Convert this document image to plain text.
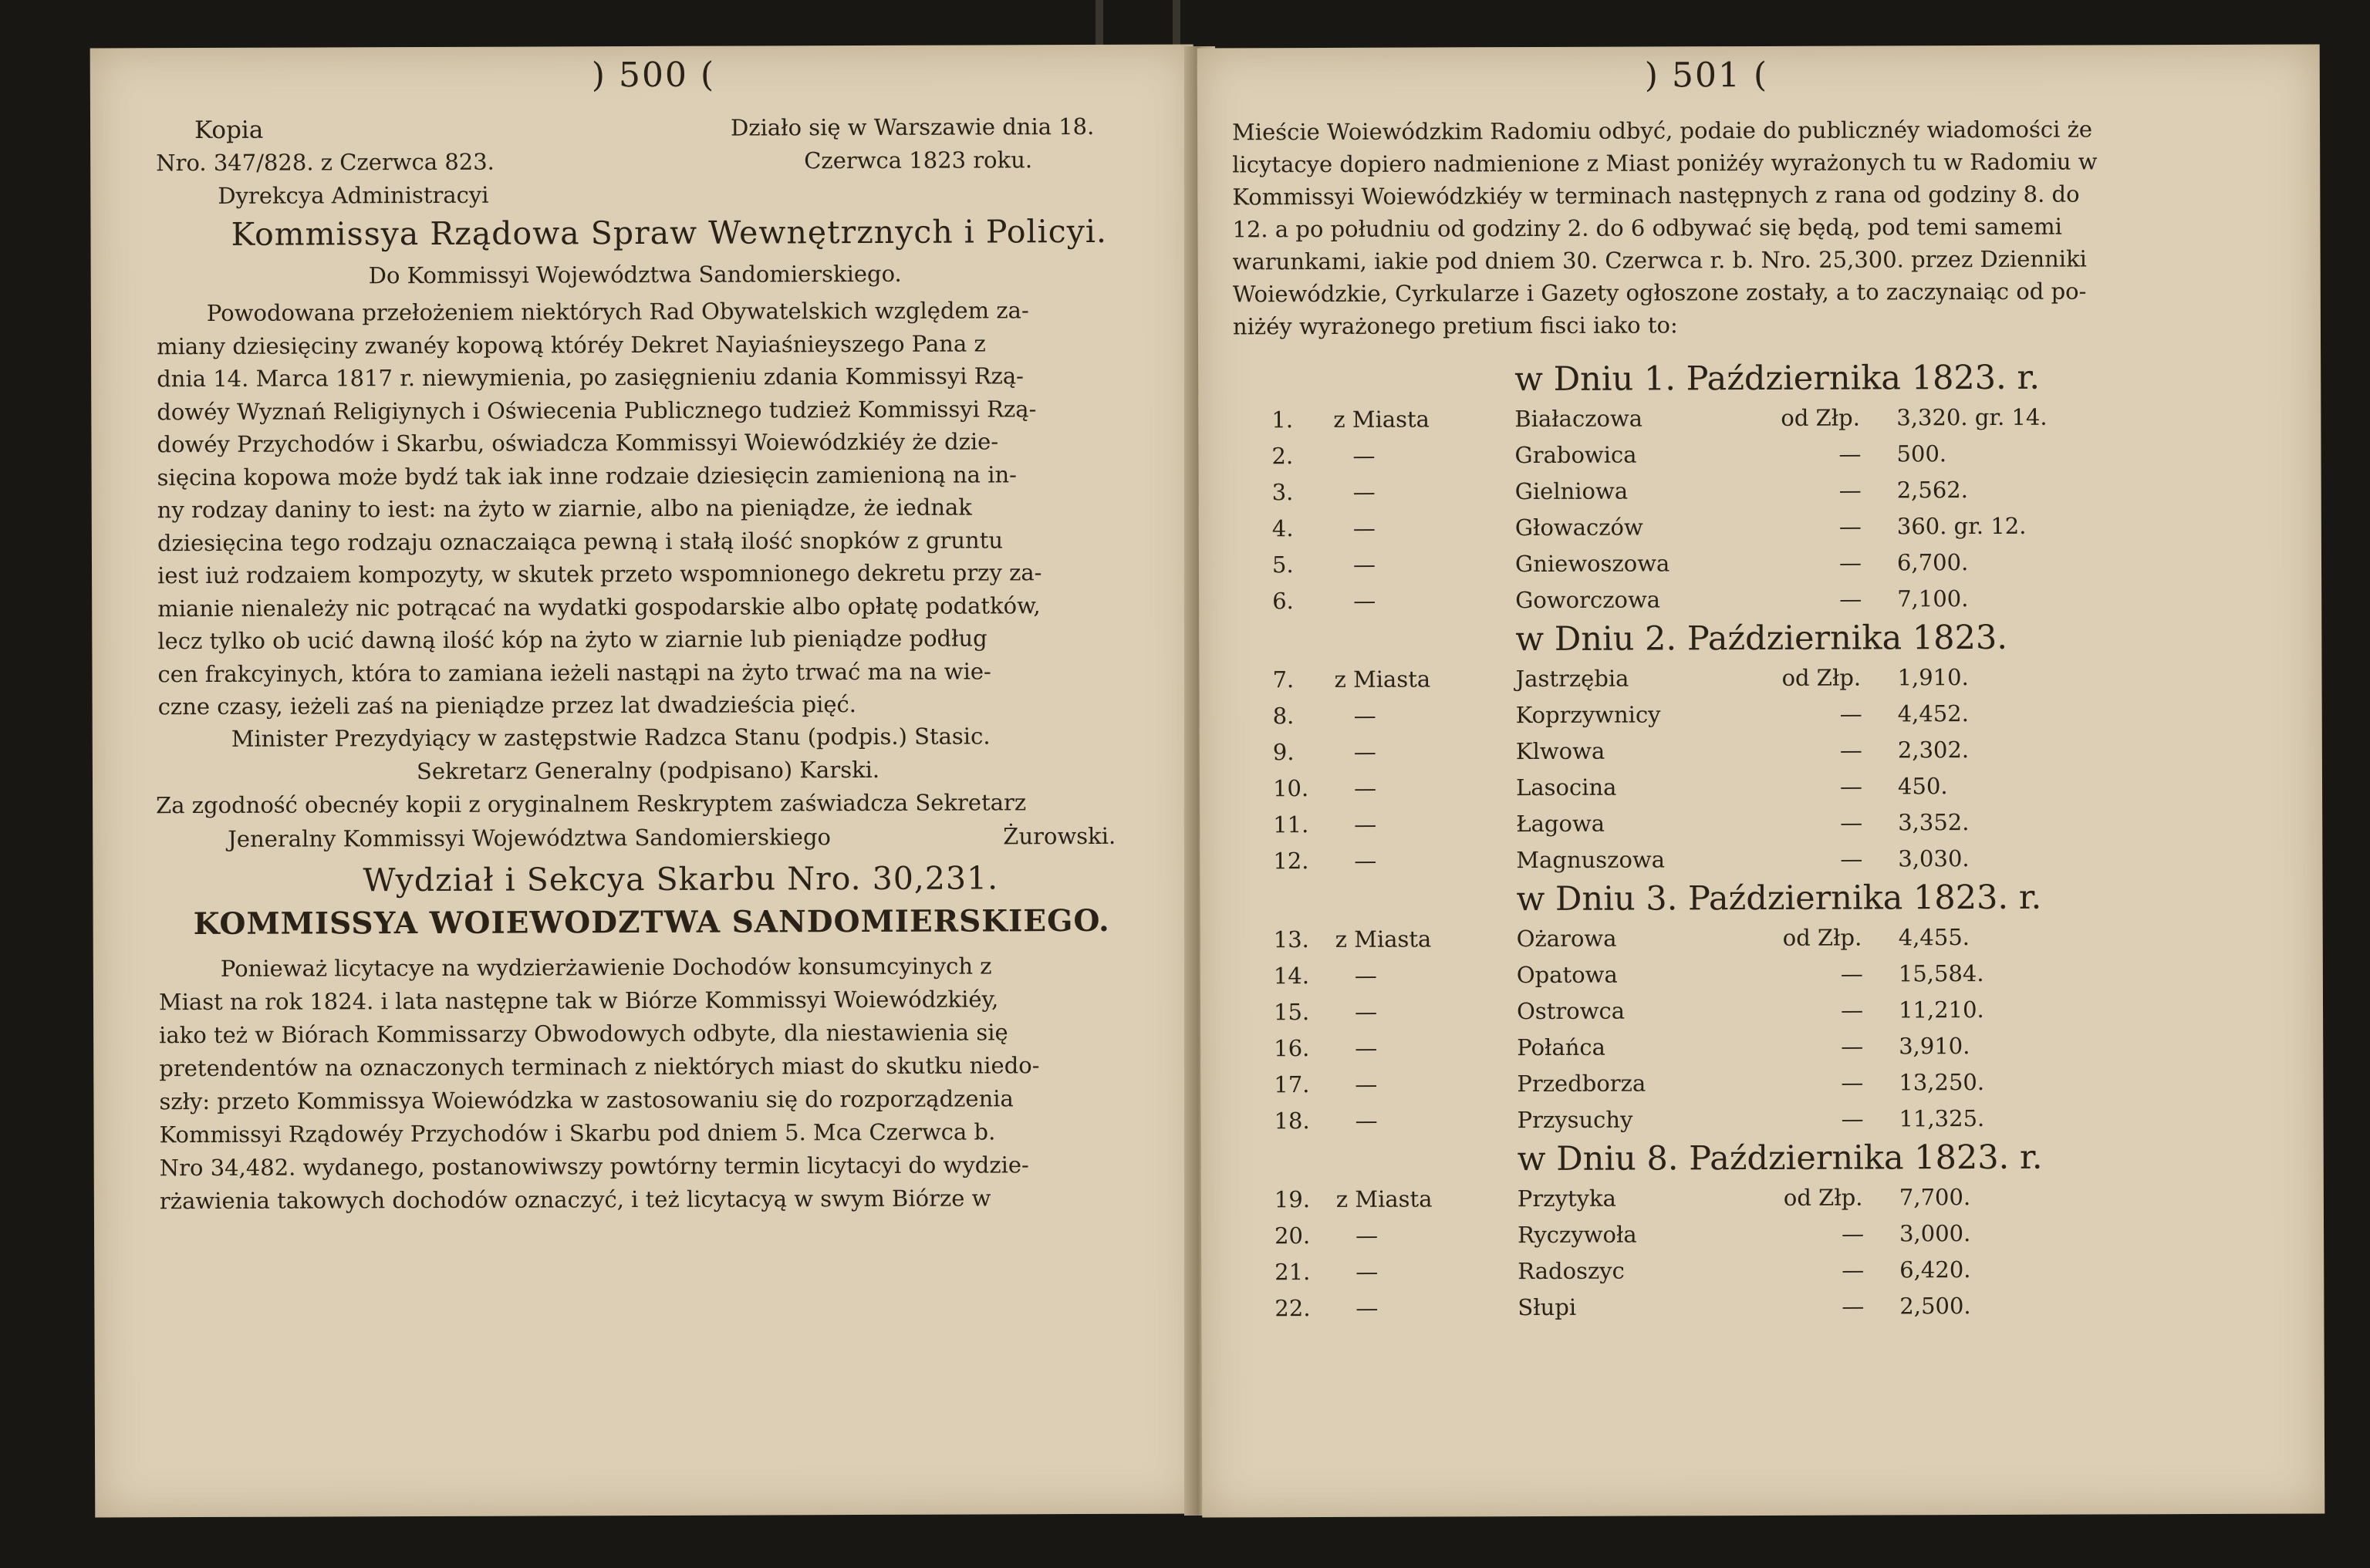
) 500 (
Kopia
Nro. 347/828. z Czerwca 823.
Dyrekcya Administracyi
Działo się w Warszawie dnia 18.
Czerwca 1823 roku.
Kommissya Rządowa Spraw Wewnętrznych i Policyi.
Do Kommissyi Województwa Sandomierskiego.
Powodowana przełożeniem niektórych Rad Obywatelskich względem za-
miany dziesięciny zwanéy kopową któréy Dekret Nayiaśnieyszego Pana z
dnia 14. Marca 1817 r. niewymienia, po zasięgnieniu zdania Kommissyi Rzą-
dowéy Wyznań Religiynych i Oświecenia Publicznego tudzież Kommissyi Rzą-
dowéy Przychodów i Skarbu, oświadcza Kommissyi Woiewódzkiéy że dzie-
sięcina kopowa może bydź tak iak inne rodzaie dziesięcin zamienioną na in-
ny rodzay daniny to iest: na żyto w ziarnie, albo na pieniądze, że iednak
dziesięcina tego rodzaju oznaczaiąca pewną i stałą ilość snopków z gruntu
iest iuż rodzaiem kompozyty, w skutek przeto wspomnionego dekretu przy za-
mianie nienależy nic potrącać na wydatki gospodarskie albo opłatę podatków,
lecz tylko ob ucić dawną ilość kóp na żyto w ziarnie lub pieniądze podług
cen frakcyinych, która to zamiana ieżeli nastąpi na żyto trwać ma na wie-
czne czasy, ieżeli zaś na pieniądze przez lat dwadzieścia pięć.
Minister Prezydyiący w zastępstwie Radzca Stanu (podpis.) Stasic.
Sekretarz Generalny (podpisano) Karski.
Za zgodność obecnéy kopii z oryginalnem Reskryptem zaświadcza Sekretarz
Jeneralny Kommissyi Województwa Sandomierskiego	Żurowski.
Wydział i Sekcya Skarbu Nro. 30,231.
KOMMISSYA WOIEWODZTWA SANDOMIERSKIEGO.
Ponieważ licytacye na wydzierżawienie Dochodów konsumcyinych z
Miast na rok 1824. i lata następne tak w Biórze Kommissyi Woiewódzkiéy,
iako też w Biórach Kommissarzy Obwodowych odbyte, dla niestawienia się
pretendentów na oznaczonych terminach z niektórych miast do skutku niedo-
szły: przeto Kommissya Woiewódzka w zastosowaniu się do rozporządzenia
Kommissyi Rządowéy Przychodów i Skarbu pod dniem 5. Mca Czerwca b.
Nro 34,482. wydanego, postanowiwszy powtórny termin licytacyi do wydzie-
rżawienia takowych dochodów oznaczyć, i też licytacyą w swym Biórze w
) 501 (
Mieście Woiewódzkim Radomiu odbyć, podaie do publicznéy wiadomości że
licytacye dopiero nadmienione z Miast poniżéy wyrażonych tu w Radomiu w
Kommissyi Woiewódzkiéy w terminach następnych z rana od godziny 8. do
12. a po południu od godziny 2. do 6 odbywać się będą, pod temi samemi
warunkami, iakie pod dniem 30. Czerwca r. b. Nro. 25,300. przez Dzienniki
Woiewódzkie, Cyrkularze i Gazety ogłoszone zostały, a to zaczynaiąc od po-
niżéy wyrażonego pretium fisci iako to:
w Dniu 1. Października 1823. r.
1. z Miasta	Białaczowa	od Złp. 3,320. gr. 14.
2.	—	Grabowica	— 500.
3.	—	Gielniowa	— 2,562.
4.	—	Głowaczów	— 360. gr. 12.
5.	—	Gniewoszowa	— 6,700.
6.	—	Goworczowa	— 7,100.
w Dniu 2. Października 1823.
7. z Miasta	Jastrzębia	od Złp. 1,910.
8.	—	Koprzywnicy	— 4,452.
9.	—	Klwowa	— 2,302.
10. —	Lasocina	— 450.
11. —	Łagowa	— 3,352.
12. —	Magnuszowa	— 3,030.
w Dniu 3. Października 1823. r.
13. z Miasta	Ożarowa	od Złp. 4,455.
14. —	Opatowa	— 15,584.
15. —	Ostrowca	— 11,210.
16. —	Połańca	— 3,910.
17. —	Przedborza	— 13,250.
18. —	Przysuchy	— 11,325.
w Dniu 8. Października 1823. r.
19. z Miasta	Przytyka	od Złp. 7,700.
20. —	Ryczywoła	— 3,000.
21. —	Radoszyc	— 6,420.
22. —	Słupi	— 2,500.
